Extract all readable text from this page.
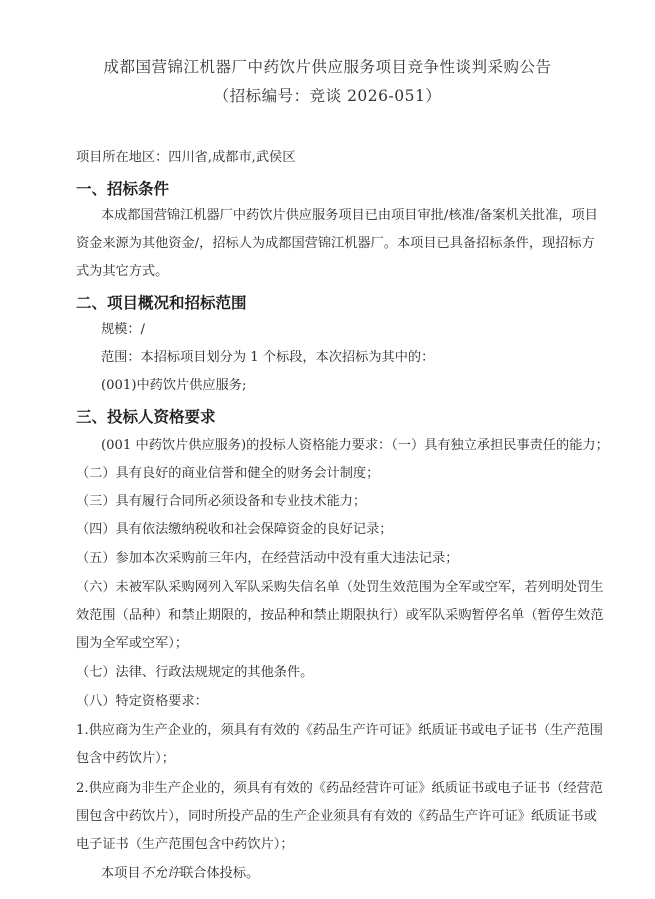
成都国营锦江机器厂中药饮片供应服务项目竞争性谈判采购公告
（招标编号：竞谈 2026-051）
项目所在地区：四川省,成都市,武侯区
一、招标条件
本成都国营锦江机器厂中药饮片供应服务项目已由项目审批/核准/备案机关批准，项目
资金来源为其他资金/，招标人为成都国营锦江机器厂。本项目已具备招标条件，现招标方
式为其它方式。
二、项目概况和招标范围
规模：/
范围：本招标项目划分为 1 个标段，本次招标为其中的：
(001)中药饮片供应服务;
三、投标人资格要求
(001 中药饮片供应服务)的投标人资格能力要求：（一）具有独立承担民事责任的能力；
（二）具有良好的商业信誉和健全的财务会计制度；
（三）具有履行合同所必须设备和专业技术能力；
（四）具有依法缴纳税收和社会保障资金的良好记录；
（五）参加本次采购前三年内，在经营活动中没有重大违法记录；
（六）未被军队采购网列入军队采购失信名单（处罚生效范围为全军或空军，若列明处罚生
效范围（品种）和禁止期限的，按品种和禁止期限执行）或军队采购暂停名单（暂停生效范
围为全军或空军）；
（七）法律、行政法规规定的其他条件。
（八）特定资格要求：
1.供应商为生产企业的，须具有有效的《药品生产许可证》纸质证书或电子证书（生产范围
包含中药饮片）；
2.供应商为非生产企业的，须具有有效的《药品经营许可证》纸质证书或电子证书（经营范
围包含中药饮片），同时所投产品的生产企业须具有有效的《药品生产许可证》纸质证书或
电子证书（生产范围包含中药饮片）；
本项目不允许联合体投标。
